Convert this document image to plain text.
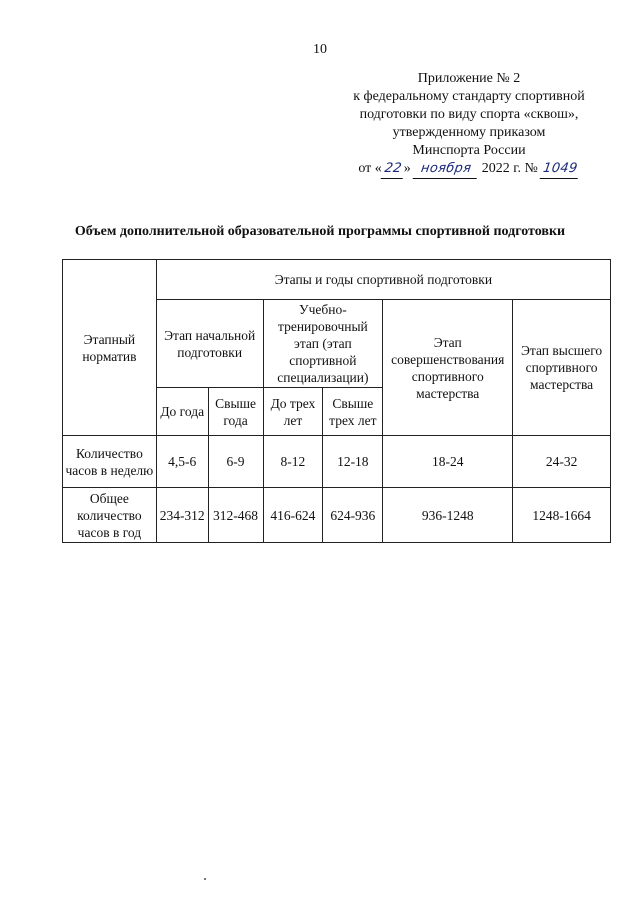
10
Приложение № 2
к федеральному стандарту спортивной
подготовки по виду спорта «сквош»,
утвержденному приказом
Минспорта России
от « 22» ноября 2022 г. № 1049
Объем дополнительной образовательной программы спортивной подготовки
Этапный норматив	Этапы и годы спортивной подготовки					
	Этап начальной подготовки		Учебно-тренировочный этап (этап спортивной специализации)		Этап совершенствования спортивного мастерства	Этап высшего спортивного мастерства
	До года	Свыше года	До трех лет	Свыше трех лет		
Количество часов в неделю	4,5-6	6-9	8-12	12-18	18-24	24-32
Общее количество часов в год	234-312	312-468	416-624	624-936	936-1248	1248-1664
